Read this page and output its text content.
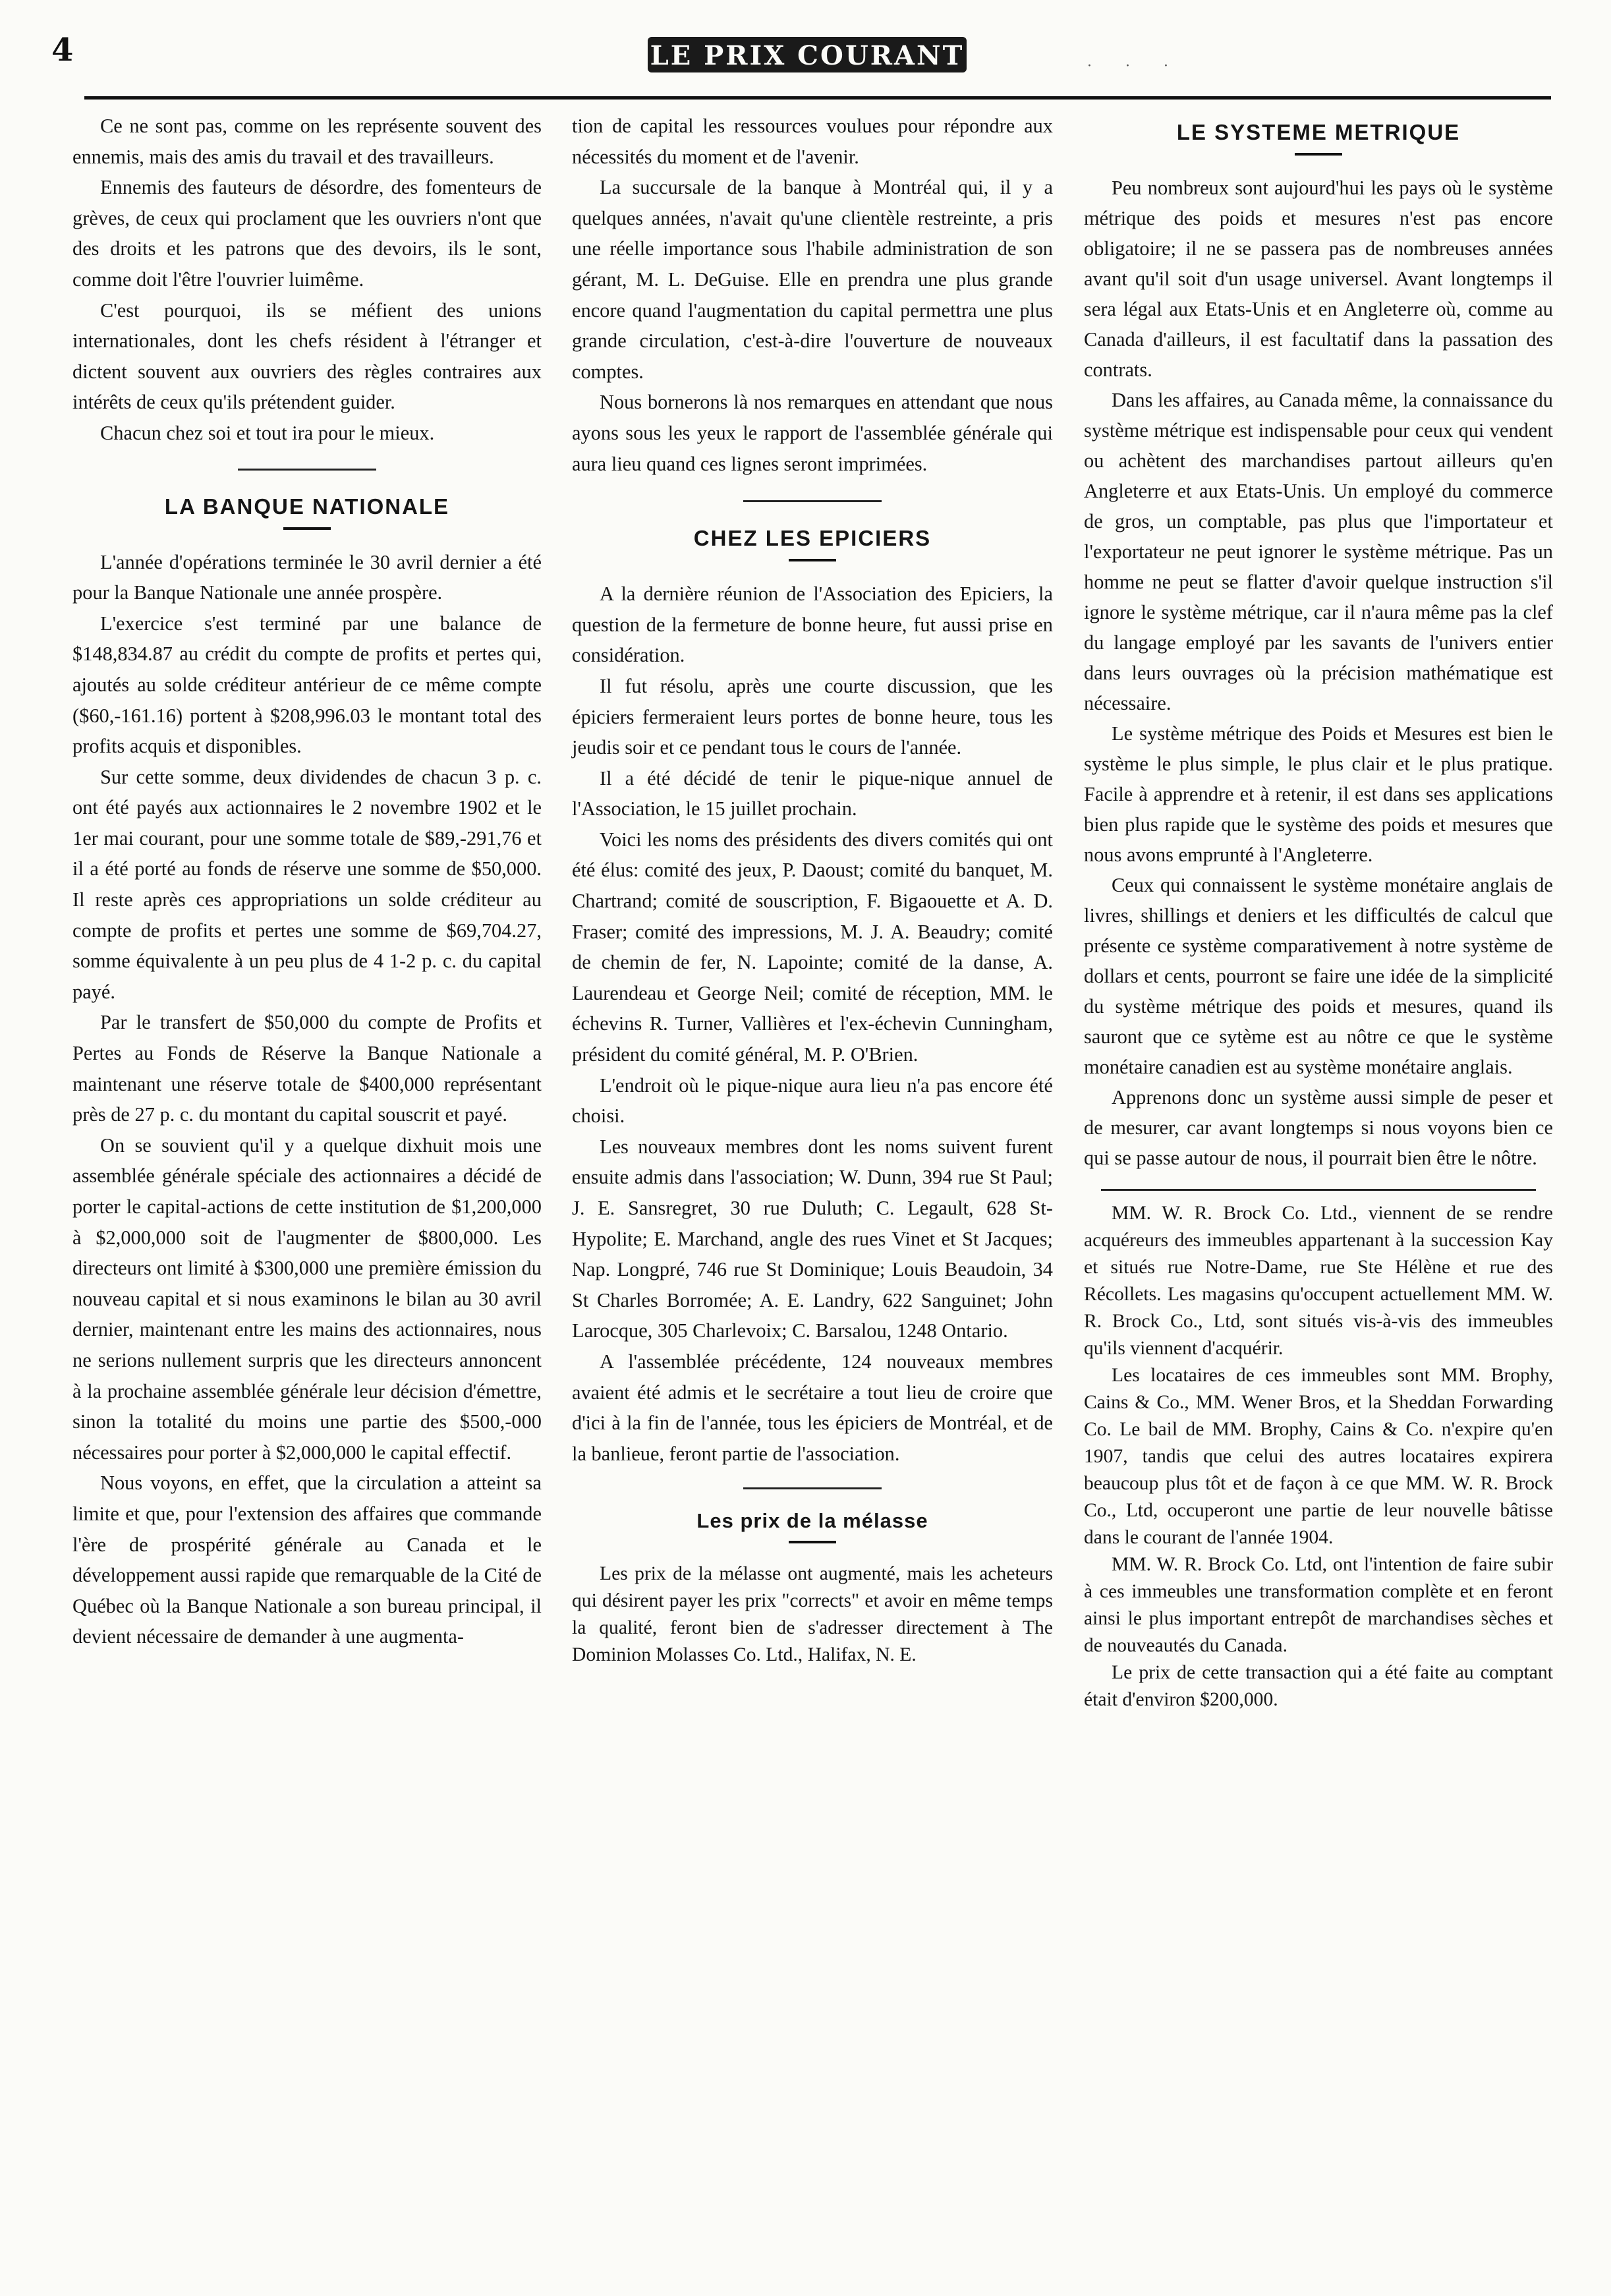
4	LE PRIX COURANT	· · ·

Ce ne sont pas, comme on les représente souvent des ennemis, mais des amis du travail et des travailleurs.

Ennemis des fauteurs de désordre, des fomenteurs de grèves, de ceux qui proclament que les ouvriers n'ont que des droits et les patrons que des devoirs, ils le sont, comme doit l'être l'ouvrier luimême.

C'est pourquoi, ils se méfient des unions internationales, dont les chefs résident à l'étranger et dictent souvent aux ouvriers des règles contraires aux intérêts de ceux qu'ils prétendent guider.

Chacun chez soi et tout ira pour le mieux.

LA BANQUE NATIONALE

L'année d'opérations terminée le 30 avril dernier a été pour la Banque Nationale une année prospère.

L'exercice s'est terminé par une balance de $148,834.87 au crédit du compte de profits et pertes qui, ajoutés au solde créditeur antérieur de ce même compte ($60,-161.16) portent à $208,996.03 le montant total des profits acquis et disponibles.

Sur cette somme, deux dividendes de chacun 3 p. c. ont été payés aux actionnaires le 2 novembre 1902 et le 1er mai courant, pour une somme totale de $89,-291,76 et il a été porté au fonds de réserve une somme de $50,000. Il reste après ces appropriations un solde créditeur au compte de profits et pertes une somme de $69,704.27, somme équivalente à un peu plus de 4 1-2 p. c. du capital payé.

Par le transfert de $50,000 du compte de Profits et Pertes au Fonds de Réserve la Banque Nationale a maintenant une réserve totale de $400,000 représentant près de 27 p. c. du montant du capital souscrit et payé.

On se souvient qu'il y a quelque dixhuit mois une assemblée générale spéciale des actionnaires a décidé de porter le capital-actions de cette institution de $1,200,000 à $2,000,000 soit de l'augmenter de $800,000. Les directeurs ont limité à $300,000 une première émission du nouveau capital et si nous examinons le bilan au 30 avril dernier, maintenant entre les mains des actionnaires, nous ne serions nullement surpris que les directeurs annoncent à la prochaine assemblée générale leur décision d'émettre, sinon la totalité du moins une partie des $500,-000 nécessaires pour porter à $2,000,000 le capital effectif.

Nous voyons, en effet, que la circulation a atteint sa limite et que, pour l'extension des affaires que commande l'ère de prospérité générale au Canada et le développement aussi rapide que remarquable de la Cité de Québec où la Banque Nationale a son bureau principal, il devient nécessaire de demander à une augmenta-

tion de capital les ressources voulues pour répondre aux nécessités du moment et de l'avenir.

La succursale de la banque à Montréal qui, il y a quelques années, n'avait qu'une clientèle restreinte, a pris une réelle importance sous l'habile administration de son gérant, M. L. DeGuise. Elle en prendra une plus grande encore quand l'augmentation du capital permettra une plus grande circulation, c'est-à-dire l'ouverture de nouveaux comptes.

Nous bornerons là nos remarques en attendant que nous ayons sous les yeux le rapport de l'assemblée générale qui aura lieu quand ces lignes seront imprimées.

CHEZ LES EPICIERS

A la dernière réunion de l'Association des Epiciers, la question de la fermeture de bonne heure, fut aussi prise en considération.

Il fut résolu, après une courte discussion, que les épiciers fermeraient leurs portes de bonne heure, tous les jeudis soir et ce pendant tous le cours de l'année.

Il a été décidé de tenir le pique-nique annuel de l'Association, le 15 juillet prochain.

Voici les noms des présidents des divers comités qui ont été élus: comité des jeux, P. Daoust; comité du banquet, M. Chartrand; comité de souscription, F. Bigaouette et A. D. Fraser; comité des impressions, M. J. A. Beaudry; comité de chemin de fer, N. Lapointe; comité de la danse, A. Laurendeau et George Neil; comité de réception, MM. le échevins R. Turner, Vallières et l'ex-échevin Cunningham, président du comité général, M. P. O'Brien.

L'endroit où le pique-nique aura lieu n'a pas encore été choisi.

Les nouveaux membres dont les noms suivent furent ensuite admis dans l'association; W. Dunn, 394 rue St Paul; J. E. Sansregret, 30 rue Duluth; C. Legault, 628 St-Hypolite; E. Marchand, angle des rues Vinet et St Jacques; Nap. Longpré, 746 rue St Dominique; Louis Beaudoin, 34 St Charles Borromée; A. E. Landry, 622 Sanguinet; John Larocque, 305 Charlevoix; C. Barsalou, 1248 Ontario.

A l'assemblée précédente, 124 nouveaux membres avaient été admis et le secrétaire a tout lieu de croire que d'ici à la fin de l'année, tous les épiciers de Montréal, et de la banlieue, feront partie de l'association.

Les prix de la mélasse

Les prix de la mélasse ont augmenté, mais les acheteurs qui désirent payer les prix "corrects" et avoir en même temps la qualité, feront bien de s'adresser directement à The Dominion Molasses Co. Ltd., Halifax, N. E.

LE SYSTEME METRIQUE

Peu nombreux sont aujourd'hui les pays où le système métrique des poids et mesures n'est pas encore obligatoire; il ne se passera pas de nombreuses années avant qu'il soit d'un usage universel. Avant longtemps il sera légal aux Etats-Unis et en Angleterre où, comme au Canada d'ailleurs, il est facultatif dans la passation des contrats.

Dans les affaires, au Canada même, la connaissance du système métrique est indispensable pour ceux qui vendent ou achètent des marchandises partout ailleurs qu'en Angleterre et aux Etats-Unis. Un employé du commerce de gros, un comptable, pas plus que l'importateur et l'exportateur ne peut ignorer le système métrique. Pas un homme ne peut se flatter d'avoir quelque instruction s'il ignore le système métrique, car il n'aura même pas la clef du langage employé par les savants de l'univers entier dans leurs ouvrages où la précision mathématique est nécessaire.

Le système métrique des Poids et Mesures est bien le système le plus simple, le plus clair et le plus pratique. Facile à apprendre et à retenir, il est dans ses applications bien plus rapide que le système des poids et mesures que nous avons emprunté à l'Angleterre.

Ceux qui connaissent le système monétaire anglais de livres, shillings et deniers et les difficultés de calcul que présente ce système comparativement à notre système de dollars et cents, pourront se faire une idée de la simplicité du système métrique des poids et mesures, quand ils sauront que ce sytème est au nôtre ce que le système monétaire canadien est au système monétaire anglais.

Apprenons donc un système aussi simple de peser et de mesurer, car avant longtemps si nous voyons bien ce qui se passe autour de nous, il pourrait bien être le nôtre.

MM. W. R. Brock Co. Ltd., viennent de se rendre acquéreurs des immeubles appartenant à la succession Kay et situés rue Notre-Dame, rue Ste Hélène et rue des Récollets. Les magasins qu'occupent actuellement MM. W. R. Brock Co., Ltd, sont situés vis-à-vis des immeubles qu'ils viennent d'acquérir.

Les locataires de ces immeubles sont MM. Brophy, Cains & Co., MM. Wener Bros, et la Sheddan Forwarding Co. Le bail de MM. Brophy, Cains & Co. n'expire qu'en 1907, tandis que celui des autres locataires expirera beaucoup plus tôt et de façon à ce que MM. W. R. Brock Co., Ltd, occuperont une partie de leur nouvelle bâtisse dans le courant de l'année 1904.

MM. W. R. Brock Co. Ltd, ont l'intention de faire subir à ces immeubles une transformation complète et en feront ainsi le plus important entrepôt de marchandises sèches et de nouveautés du Canada.

Le prix de cette transaction qui a été faite au comptant était d'environ $200,000.
